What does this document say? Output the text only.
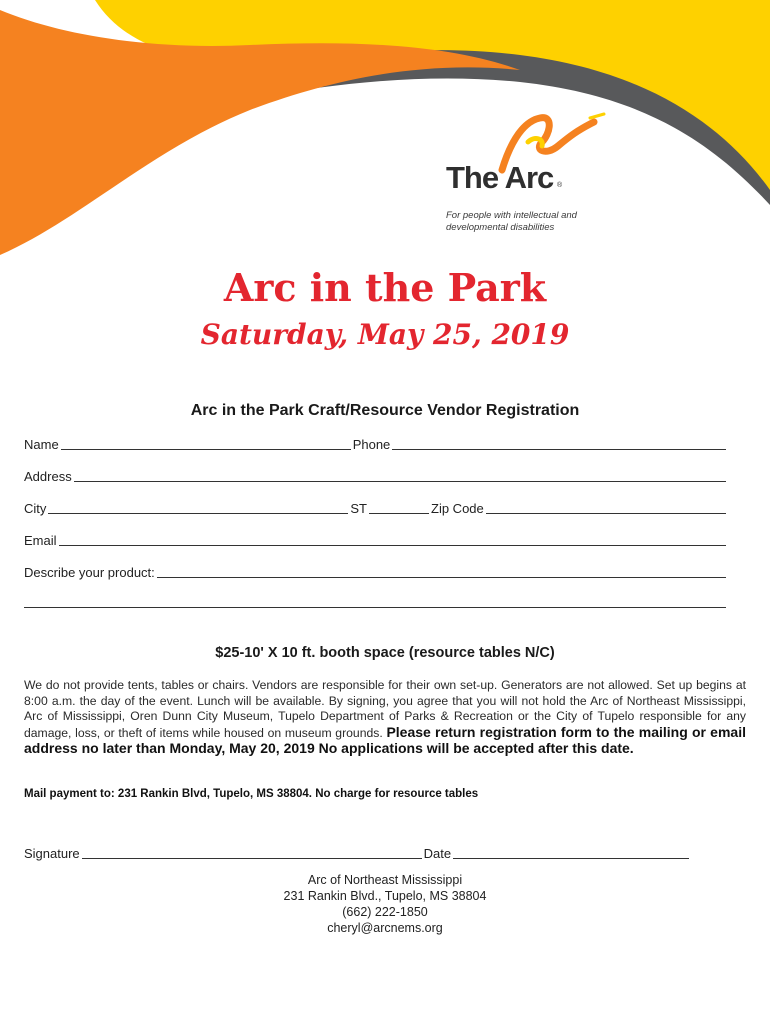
The Arc ®
For people with intellectual and developmental disabilities
Arc in the Park
Saturday, May 25, 2019
Arc in the Park Craft/Resource Vendor Registration
Name	Phone
Address
City	ST	Zip Code
Email
Describe your product:
$25-10' X 10 ft. booth space (resource tables N/C)
We do not provide tents, tables or chairs. Vendors are responsible for their own set-up. Generators are not allowed. Set up begins at 8:00 a.m. the day of the event. Lunch will be available. By signing, you agree that you will not hold the Arc of Northeast Mississippi, Arc of Mississippi, Oren Dunn City Museum, Tupelo Department of Parks & Recreation or the City of Tupelo responsible for any damage, loss, or theft of items while housed on museum grounds. Please return registration form to the mailing or email address no later than Monday, May 20, 2019 No applications will be accepted after this date.
Mail payment to: 231 Rankin Blvd, Tupelo, MS 38804. No charge for resource tables
Signature	Date
Arc of Northeast Mississippi
231 Rankin Blvd., Tupelo, MS 38804
(662) 222-1850
cheryl@arcnems.org
